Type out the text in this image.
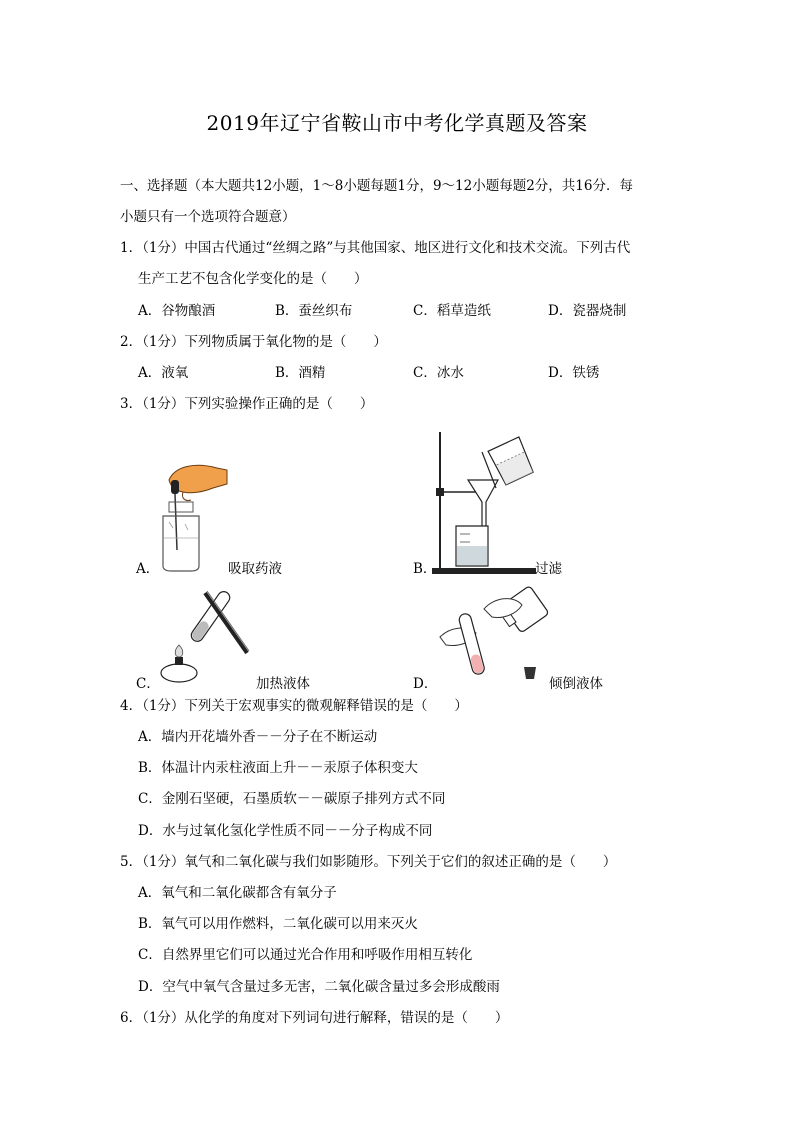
2019年辽宁省鞍山市中考化学真题及答案
一、选择题（本大题共12小题，1～8小题每题1分，9～12小题每题2分，共16分．每
小题只有一个选项符合题意）
1．（1分）中国古代通过“丝绸之路”与其他国家、地区进行文化和技术交流。下列古代
生产工艺不包含化学变化的是（　　）
A．谷物酿酒	B．蚕丝织布	C．稻草造纸	D．瓷器烧制
2．（1分）下列物质属于氧化物的是（　　）
A．液氧	B．酒精	C．冰水	D．铁锈
3．（1分）下列实验操作正确的是（　　）
A．	吸取药液	B．	过滤
C．	加热液体	D．	倾倒液体
4．（1分）下列关于宏观事实的微观解释错误的是（　　）
A．墙内开花墙外香－－分子在不断运动
B．体温计内汞柱液面上升－－汞原子体积变大
C．金刚石坚硬，石墨质软－－碳原子排列方式不同
D．水与过氧化氢化学性质不同－－分子构成不同
5．（1分）氧气和二氧化碳与我们如影随形。下列关于它们的叙述正确的是（　　）
A．氧气和二氧化碳都含有氧分子
B．氧气可以用作燃料，二氧化碳可以用来灭火
C．自然界里它们可以通过光合作用和呼吸作用相互转化
D．空气中氧气含量过多无害，二氧化碳含量过多会形成酸雨
6．（1分）从化学的角度对下列词句进行解释，错误的是（　　）
